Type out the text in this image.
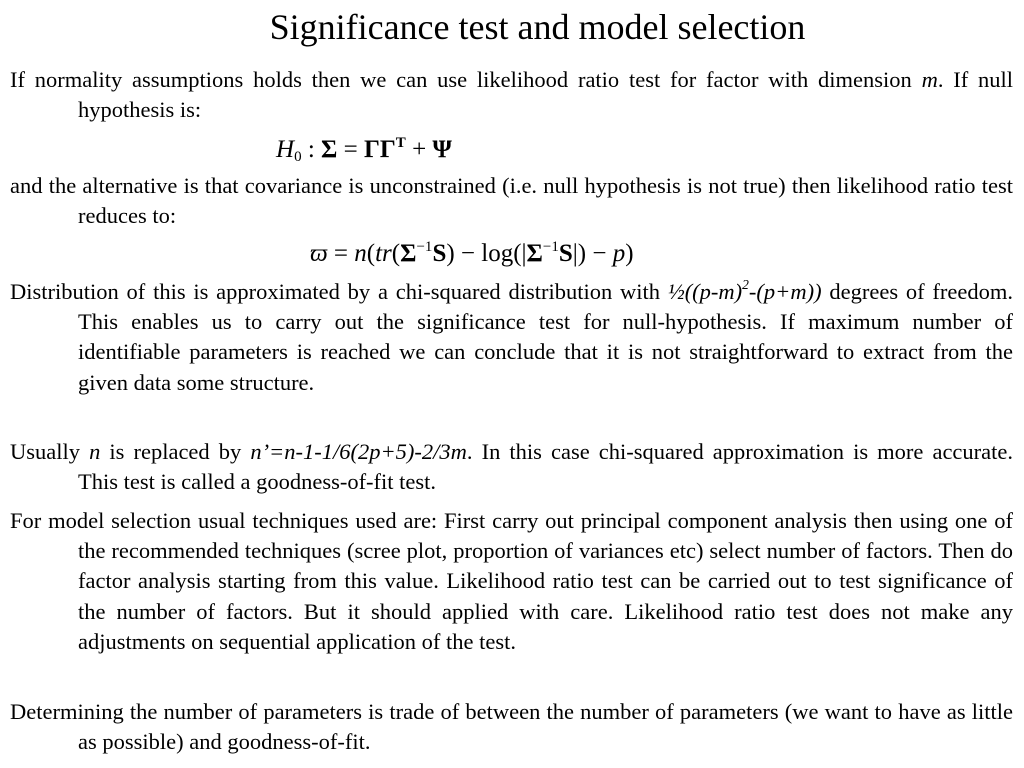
Significance test and model selection
If normality assumptions holds then we can use likelihood ratio test for factor with dimension m. If null hypothesis is:
$H_0$ : $\Sigma = \Gamma\Gamma^T + \Psi$
and the alternative is that covariance is unconstrained (i.e. null hypothesis is not true) then likelihood ratio test reduces to:
$ϖ = n(tr(\Sigma^{-1}S) - \log(|\Sigma^{-1}S|) - p)$
Distribution of this is approximated by a chi-squared distribution with $\frac{1}{2}((p-m)^2-(p+m))$ degrees of freedom. This enables us to carry out the significance test for null-hypothesis. If maximum number of identifiable parameters is reached we can conclude that it is not straightforward to extract from the given data some structure.
Usually n is replaced by n’=n-1-1/6(2p+5)-2/3m. In this case chi-squared approximation is more accurate. This test is called a goodness-of-fit test.
For model selection usual techniques used are: First carry out principal component analysis then using one of the recommended techniques (scree plot, proportion of variances etc) select number of factors. Then do factor analysis starting from this value. Likelihood ratio test can be carried out to test significance of the number of factors. But it should applied with care. Likelihood ratio test does not make any adjustments on sequential application of the test.
Determining the number of parameters is trade of between the number of parameters (we want to have as little as possible) and goodness-of-fit.
